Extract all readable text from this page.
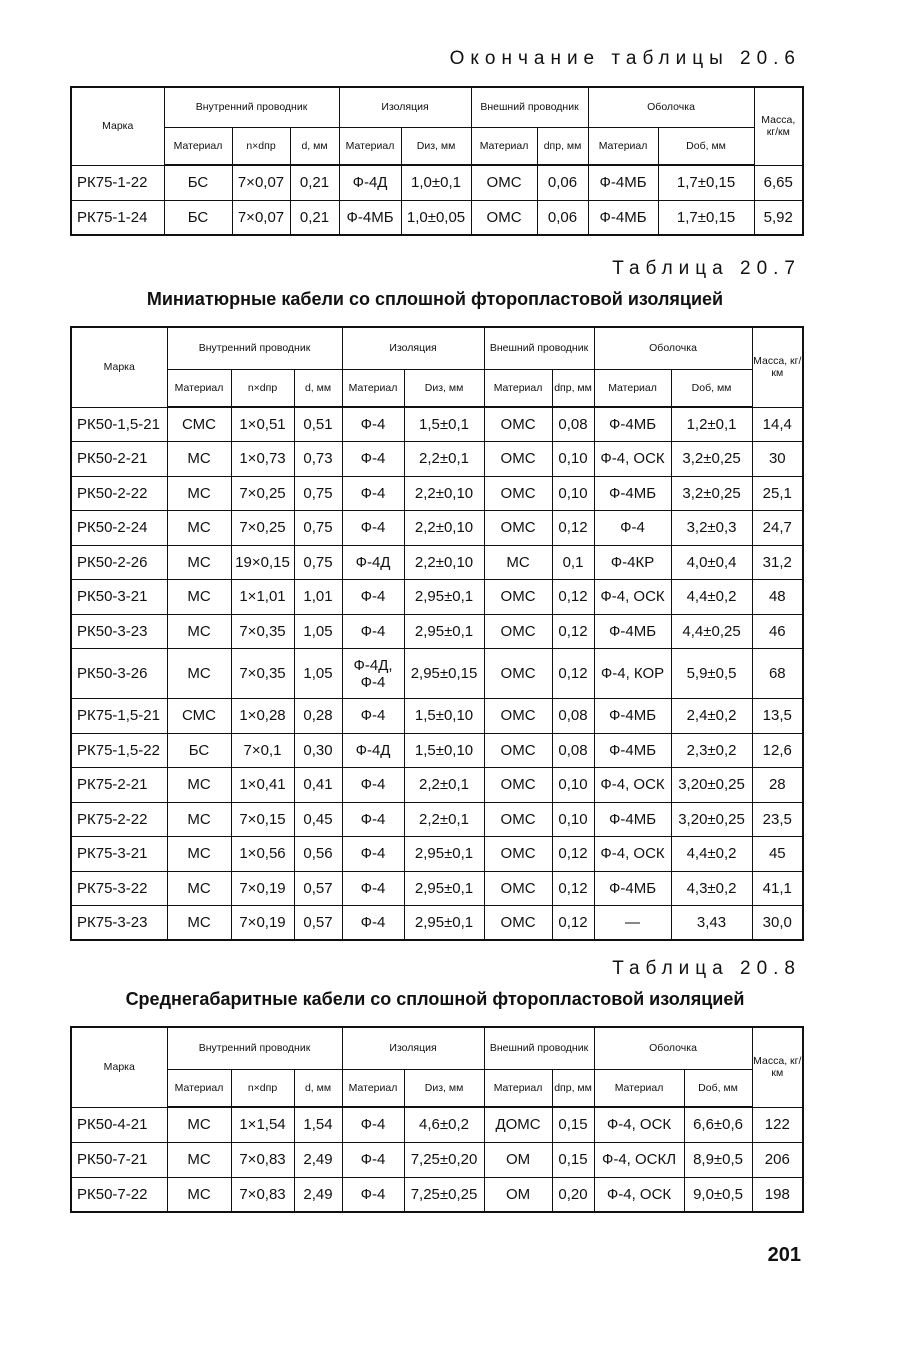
Окончание таблицы 20.6
Марка	Внутренний проводник			Изоляция		Внешний проводник		Оболочка		Масса, кг/км
	Материал	n×dпр	d, мм	Материал	Dиз, мм	Материал	dпр, мм	Материал	Dоб, мм	
РК75-1-22	БС	7×0,07	0,21	Ф-4Д	1,0±0,1	ОМС	0,06	Ф-4МБ	1,7±0,15	6,65
РК75-1-24	БС	7×0,07	0,21	Ф-4МБ	1,0±0,05	ОМС	0,06	Ф-4МБ	1,7±0,15	5,92
Таблица 20.7
Миниатюрные кабели со сплошной фторопластовой изоляцией
Марка	Внутренний проводник			Изоляция		Внешний проводник		Оболочка		Масса, кг/км
	Материал	n×dпр	d, мм	Материал	Dиз, мм	Материал	dпр, мм	Материал	Dоб, мм	
РК50-1,5-21	СМС	1×0,51	0,51	Ф-4	1,5±0,1	ОМС	0,08	Ф-4МБ	1,2±0,1	14,4
РК50-2-21	МС	1×0,73	0,73	Ф-4	2,2±0,1	ОМС	0,10	Ф-4, ОСК	3,2±0,25	30
РК50-2-22	МС	7×0,25	0,75	Ф-4	2,2±0,10	ОМС	0,10	Ф-4МБ	3,2±0,25	25,1
РК50-2-24	МС	7×0,25	0,75	Ф-4	2,2±0,10	ОМС	0,12	Ф-4	3,2±0,3	24,7
РК50-2-26	МС	19×0,15	0,75	Ф-4Д	2,2±0,10	МС	0,1	Ф-4КР	4,0±0,4	31,2
РК50-3-21	МС	1×1,01	1,01	Ф-4	2,95±0,1	ОМС	0,12	Ф-4, ОСК	4,4±0,2	48
РК50-3-23	МС	7×0,35	1,05	Ф-4	2,95±0,1	ОМС	0,12	Ф-4МБ	4,4±0,25	46
РК50-3-26	МС	7×0,35	1,05	Ф-4Д, Ф-4	2,95±0,15	ОМС	0,12	Ф-4, КОР	5,9±0,5	68
РК75-1,5-21	СМС	1×0,28	0,28	Ф-4	1,5±0,10	ОМС	0,08	Ф-4МБ	2,4±0,2	13,5
РК75-1,5-22	БС	7×0,1	0,30	Ф-4Д	1,5±0,10	ОМС	0,08	Ф-4МБ	2,3±0,2	12,6
РК75-2-21	МС	1×0,41	0,41	Ф-4	2,2±0,1	ОМС	0,10	Ф-4, ОСК	3,20±0,25	28
РК75-2-22	МС	7×0,15	0,45	Ф-4	2,2±0,1	ОМС	0,10	Ф-4МБ	3,20±0,25	23,5
РК75-3-21	МС	1×0,56	0,56	Ф-4	2,95±0,1	ОМС	0,12	Ф-4, ОСК	4,4±0,2	45
РК75-3-22	МС	7×0,19	0,57	Ф-4	2,95±0,1	ОМС	0,12	Ф-4МБ	4,3±0,2	41,1
РК75-3-23	МС	7×0,19	0,57	Ф-4	2,95±0,1	ОМС	0,12	—	3,43	30,0
Таблица 20.8
Среднегабаритные кабели со сплошной фторопластовой изоляцией
Марка	Внутренний проводник			Изоляция		Внешний проводник		Оболочка		Масса, кг/км
	Материал	n×dпр	d, мм	Материал	Dиз, мм	Материал	dпр, мм	Материал	Dоб, мм	
РК50-4-21	МС	1×1,54	1,54	Ф-4	4,6±0,2	ДОМС	0,15	Ф-4, ОСК	6,6±0,6	122
РК50-7-21	МС	7×0,83	2,49	Ф-4	7,25±0,20	ОМ	0,15	Ф-4, ОСКЛ	8,9±0,5	206
РК50-7-22	МС	7×0,83	2,49	Ф-4	7,25±0,25	ОМ	0,20	Ф-4, ОСК	9,0±0,5	198
201
